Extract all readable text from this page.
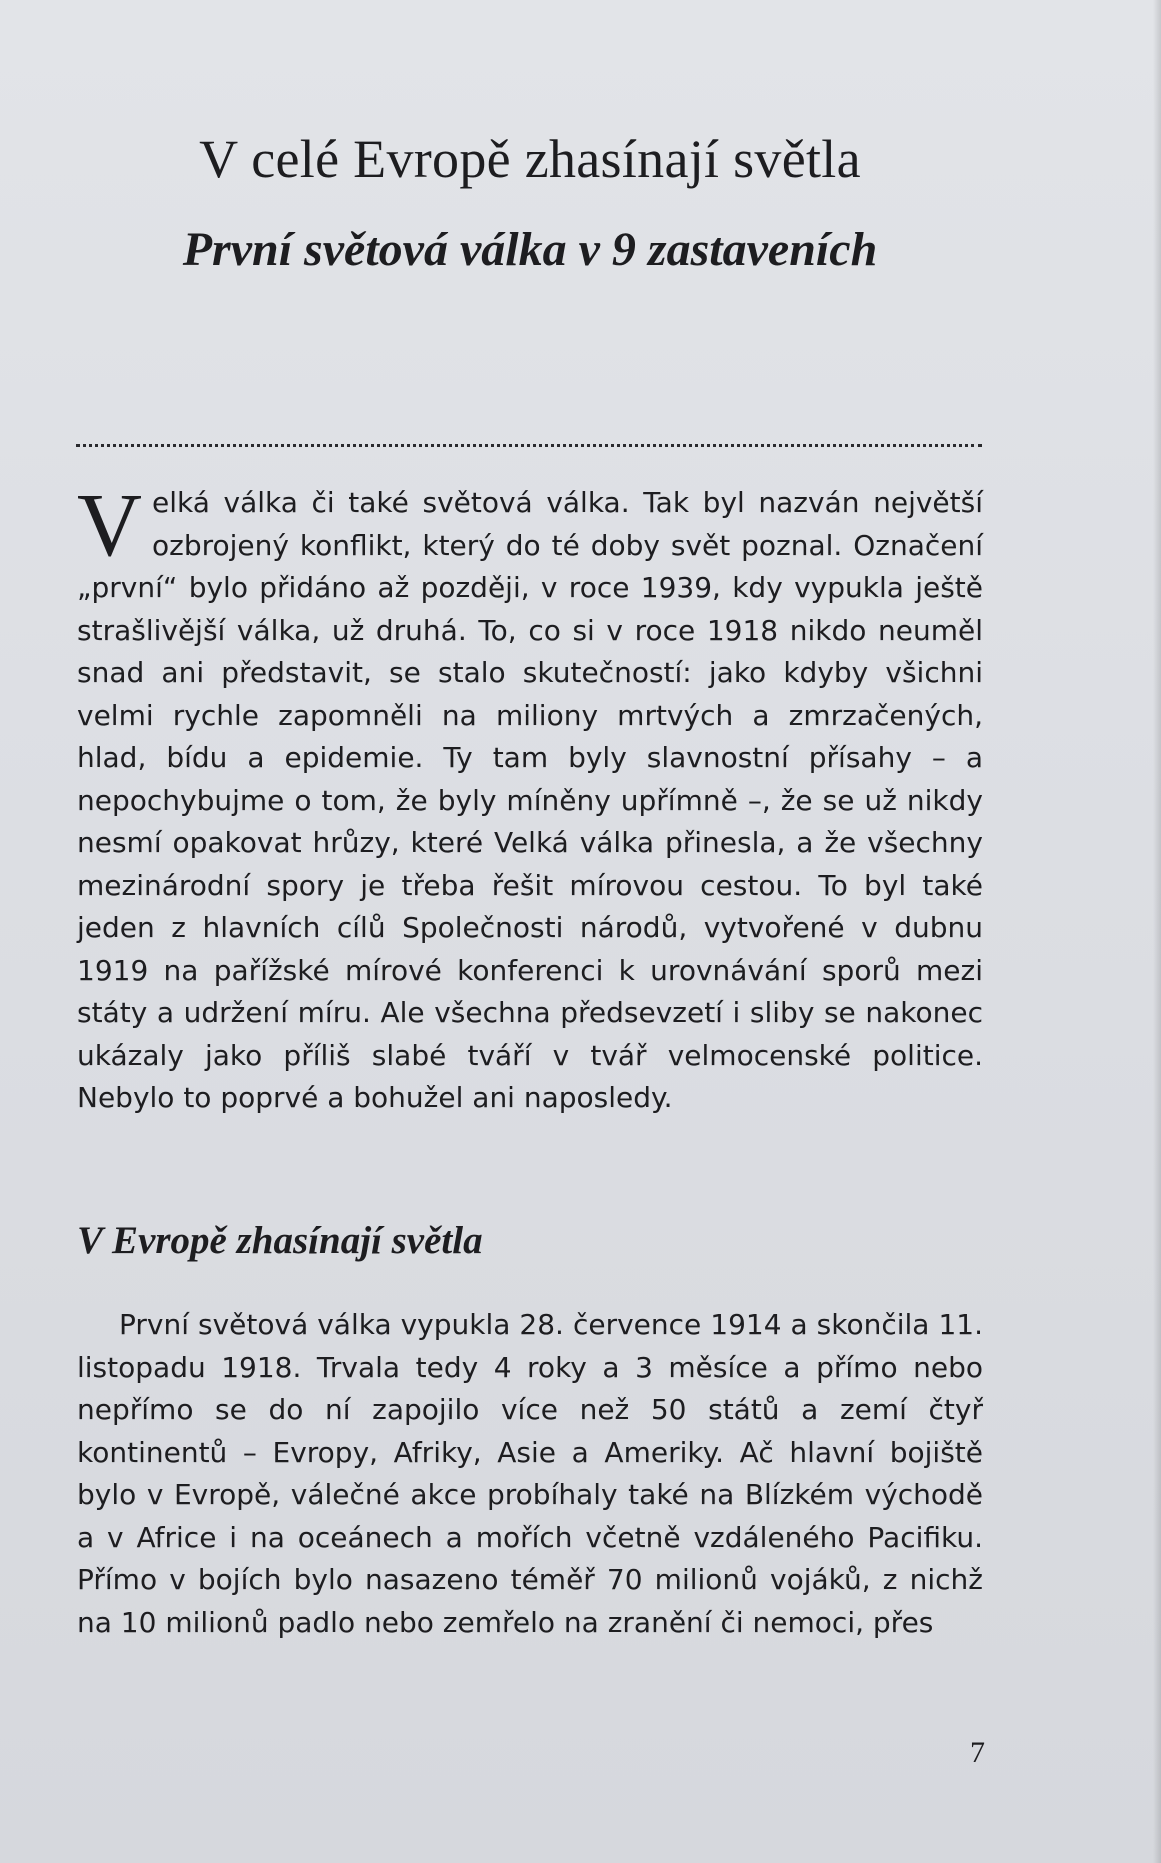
V celé Evropě zhasínají světla
První světová válka v 9 zastaveních

Velká válka či také světová válka. Tak byl nazván největší ozbrojený konflikt, který do té doby svět poznal. Označení „první“ bylo přidáno až později, v roce 1939, kdy vypukla ještě strašlivější válka, už druhá. To, co si v roce 1918 nikdo neuměl snad ani představit, se stalo skutečností: jako kdyby všichni velmi rychle zapomněli na miliony mrtvých a zmrzačených, hlad, bídu a epidemie. Ty tam byly slavnostní přísahy – a nepochybujme o tom, že byly míněny upřímně –, že se už nikdy nesmí opakovat hrůzy, které Velká válka přinesla, a že všechny mezinárodní spory je třeba řešit mírovou cestou. To byl také jeden z hlavních cílů Společnosti národů, vytvořené v dubnu 1919 na pařížské mírové konferenci k urovnávání sporů mezi státy a udržení míru. Ale všechna předsevzetí i sliby se nakonec ukázaly jako příliš slabé tváří v tvář velmocenské politice. Nebylo to poprvé a bohužel ani naposledy.

V Evropě zhasínají světla

První světová válka vypukla 28. července 1914 a skončila 11. listopadu 1918. Trvala tedy 4 roky a 3 měsíce a přímo nebo nepřímo se do ní zapojilo více než 50 států a zemí čtyř kontinentů – Evropy, Afriky, Asie a Ameriky. Ač hlavní bojiště bylo v Evropě, válečné akce probíhaly také na Blízkém východě a v Africe i na oceánech a mořích včetně vzdáleného Pacifiku. Přímo v bojích bylo nasazeno téměř 70 milionů vojáků, z nichž na 10 milionů padlo nebo zemřelo na zranění či nemoci, přes

7
